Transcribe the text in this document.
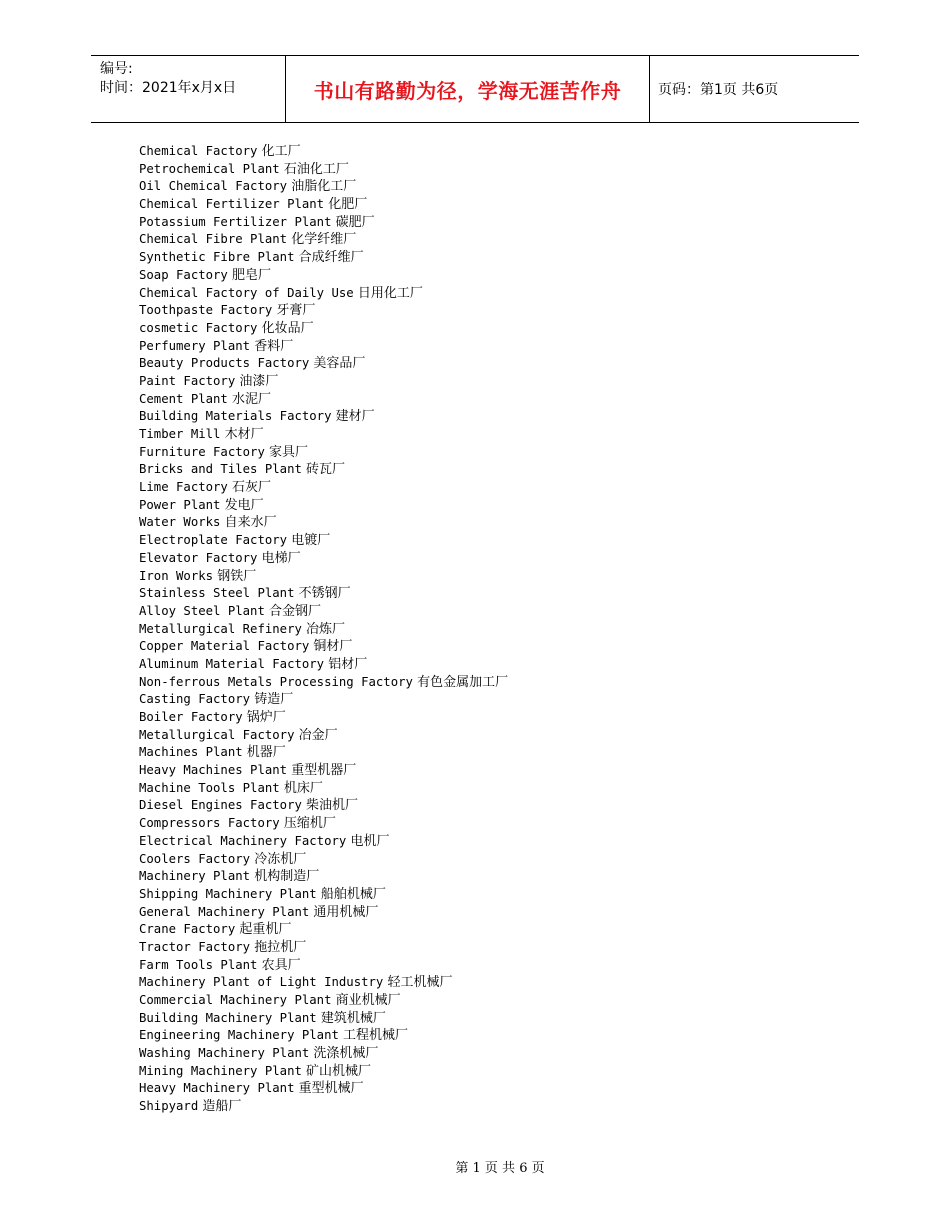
编号:
时间：2021年x月x日	书山有路勤为径，学海无涯苦作舟	页码：第1页 共6页
Chemical Factory 化工厂
Petrochemical Plant 石油化工厂
Oil Chemical Factory 油脂化工厂
Chemical Fertilizer Plant 化肥厂
Potassium Fertilizer Plant 碳肥厂
Chemical Fibre Plant 化学纤维厂
Synthetic Fibre Plant 合成纤维厂
Soap Factory 肥皂厂
Chemical Factory of Daily Use 日用化工厂
Toothpaste Factory 牙膏厂
cosmetic Factory 化妆品厂
Perfumery Plant 香料厂
Beauty Products Factory 美容品厂
Paint Factory 油漆厂
Cement Plant 水泥厂
Building Materials Factory 建材厂
Timber Mill 木材厂
Furniture Factory 家具厂
Bricks and Tiles Plant 砖瓦厂
Lime Factory 石灰厂
Power Plant 发电厂
Water Works 自来水厂
Electroplate Factory 电镀厂
Elevator Factory 电梯厂
Iron Works 钢铁厂
Stainless Steel Plant 不锈钢厂
Alloy Steel Plant 合金钢厂
Metallurgical Refinery 冶炼厂
Copper Material Factory 铜材厂
Aluminum Material Factory 铝材厂
Non-ferrous Metals Processing Factory 有色金属加工厂
Casting Factory 铸造厂
Boiler Factory 锅炉厂
Metallurgical Factory 冶金厂
Machines Plant 机器厂
Heavy Machines Plant 重型机器厂
Machine Tools Plant 机床厂
Diesel Engines Factory 柴油机厂
Compressors Factory 压缩机厂
Electrical Machinery Factory 电机厂
Coolers Factory 冷冻机厂
Machinery Plant 机构制造厂
Shipping Machinery Plant 船舶机械厂
General Machinery Plant 通用机械厂
Crane Factory 起重机厂
Tractor Factory 拖拉机厂
Farm Tools Plant 农具厂
Machinery Plant of Light Industry 轻工机械厂
Commercial Machinery Plant 商业机械厂
Building Machinery Plant 建筑机械厂
Engineering Machinery Plant 工程机械厂
Washing Machinery Plant 洗涤机械厂
Mining Machinery Plant 矿山机械厂
Heavy Machinery Plant 重型机械厂
Shipyard 造船厂
第 1 页 共 6 页
